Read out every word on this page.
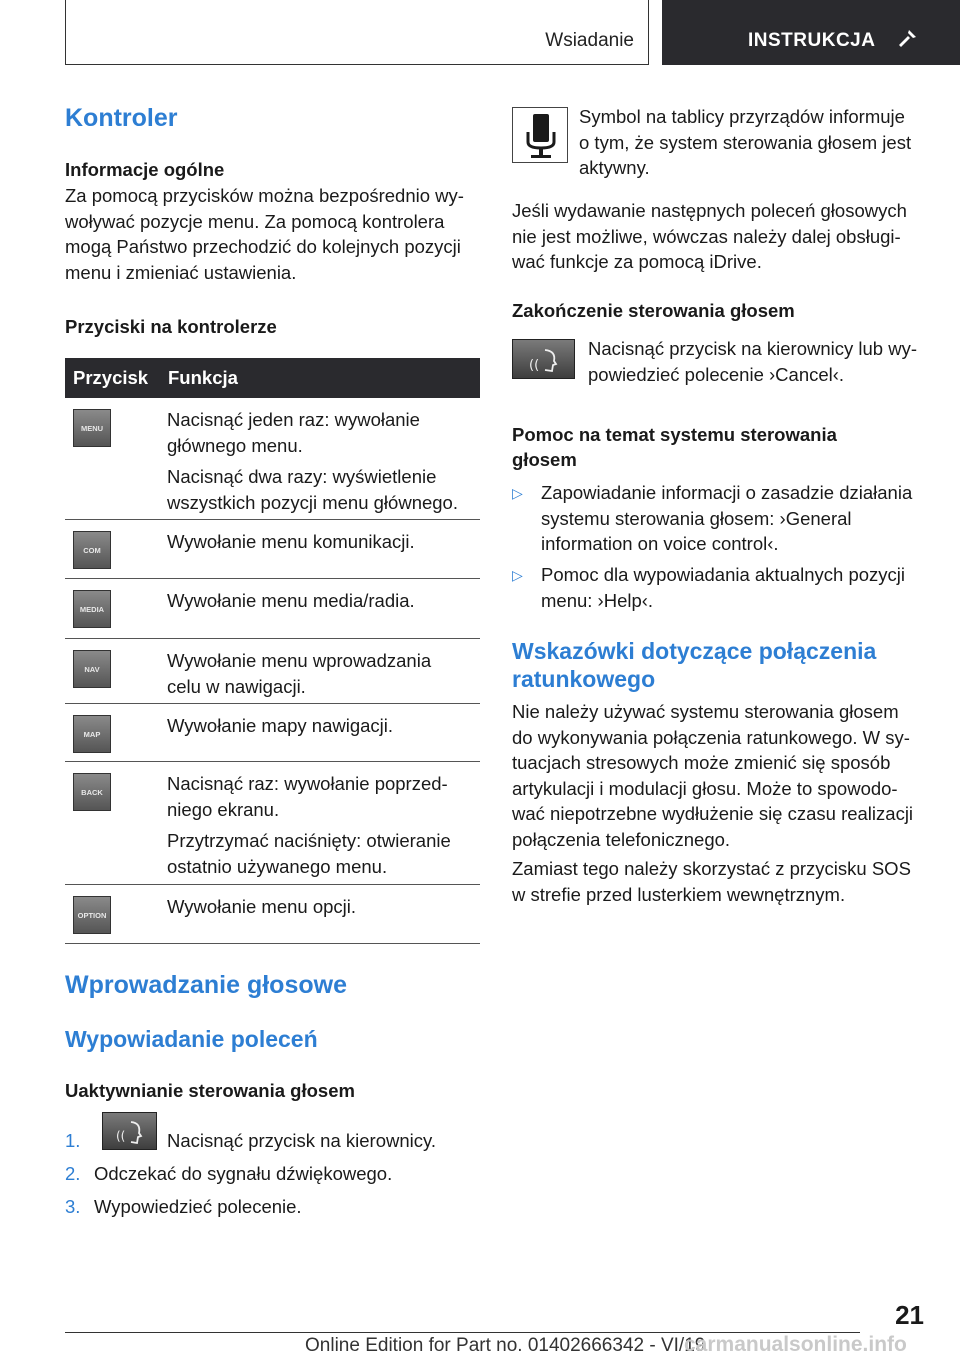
Wsiadanie	INSTRUKCJA
Kontroler
Informacje ogólne
Za pomocą przycisków można bezpośrednio wy-
woływać pozycje menu. Za pomocą kontrolera
mogą Państwo przechodzić do kolejnych pozycji
menu i zmieniać ustawienia.
Przyciski na kontrolerze
Przycisk Funkcja
MENU	Nacisnąć jeden raz: wywołanie
głównego menu.

Nacisnąć dwa razy: wyświetlenie
wszystkich pozycji menu głównego.

COM	Wywołanie menu komunikacji.

MEDIA	Wywołanie menu media/radia.

NAV	Wywołanie menu wprowadzania
celu w nawigacji.

MAP	Wywołanie mapy nawigacji.

BACK	Nacisnąć raz: wywołanie poprzed-
niego ekranu.

Przytrzymać naciśnięty: otwieranie
ostatnio używanego menu.

OPTION	Wywołanie menu opcji.

Wprowadzanie głosowe
Wypowiadanie poleceń
Uaktywnianie sterowania głosem
1.	(( Nacisnąć przycisk na kierownicy.
2. Odczekać do sygnału dźwiękowego.
3. Wypowiedzieć polecenie.
Symbol na tablicy przyrządów informuje
o tym, że system sterowania głosem jest
aktywny.
Jeśli wydawanie następnych poleceń głosowych
nie jest możliwe, wówczas należy dalej obsługi-
wać funkcje za pomocą iDrive.
Zakończenie sterowania głosem
((
Nacisnąć przycisk na kierownicy lub wy-
powiedzieć polecenie ›Cancel‹.
Pomoc na temat systemu sterowania
głosem
▷ Zapowiadanie informacji o zasadzie działania
systemu sterowania głosem: ›General
information on voice control‹.
▷ Pomoc dla wypowiadania aktualnych pozycji
menu: ›Help‹.
Wskazówki dotyczące połączenia
ratunkowego
Nie należy używać systemu sterowania głosem
do wykonywania połączenia ratunkowego. W sy-
tuacjach stresowych może zmienić się sposób
artykulacji i modulacji głosu. Może to spowodo-
wać niepotrzebne wydłużenie się czasu realizacji
połączenia telefonicznego.
Zamiast tego należy skorzystać z przycisku SOS
w strefie przed lusterkiem wewnętrznym.
21
Online Edition for Part no. 01402666342 - VI/19
carmanualsonline.info
